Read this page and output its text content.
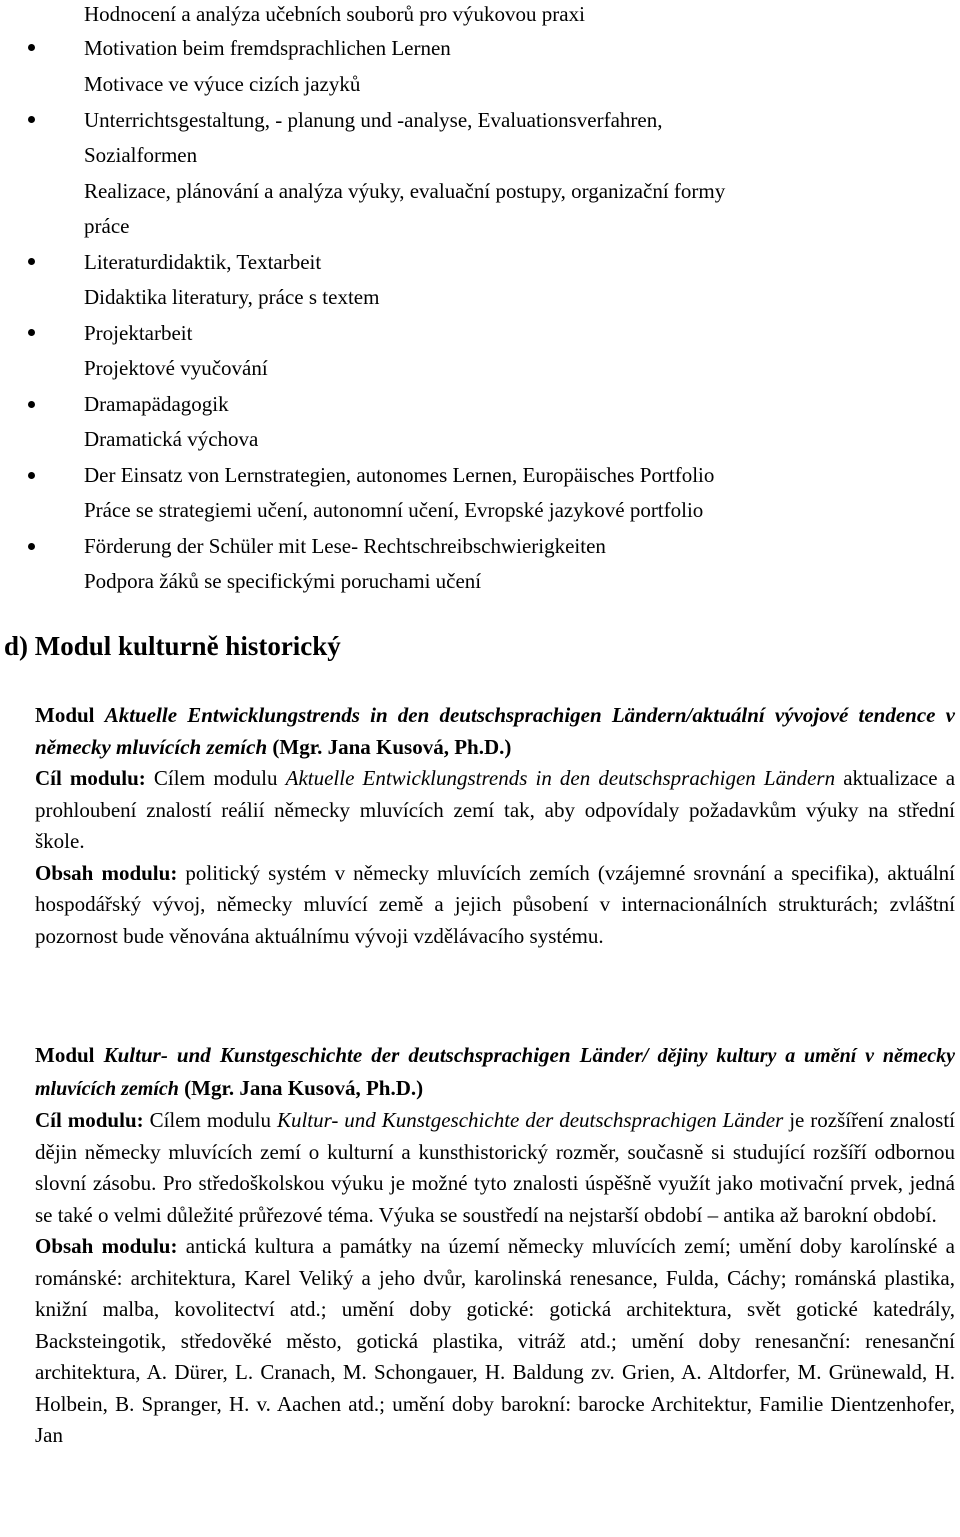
Hodnocení a analýza učebních souborů pro výukovou praxi
Motivation beim fremdsprachlichen Lernen
Motivace ve výuce cizích jazyků
Unterrichtsgestaltung, - planung und -analyse, Evaluationsverfahren,
Sozialformen
Realizace, plánování a analýza výuky, evaluační postupy, organizační formy
práce
Literaturdidaktik, Textarbeit
Didaktika literatury, práce s textem
Projektarbeit
Projektové vyučování
Dramapädagogik
Dramatická výchova
Der Einsatz von Lernstrategien, autonomes Lernen, Europäisches Portfolio
Práce se strategiemi učení, autonomní učení, Evropské jazykové portfolio
Förderung der Schüler mit Lese- Rechtschreibschwierigkeiten
Podpora žáků se specifickými poruchami učení
d) Modul kulturně historický

Modul Aktuelle Entwicklungstrends in den deutschsprachigen Ländern/aktuální vývojové tendence v německy mluvících zemích (Mgr. Jana Kusová, Ph.D.)

Cíl modulu: Cílem modulu Aktuelle Entwicklungstrends in den deutschsprachigen Ländern aktualizace a prohloubení znalostí reálií německy mluvících zemí tak, aby odpovídaly požadavkům výuky na střední škole.

Obsah modulu: politický systém v německy mluvících zemích (vzájemné srovnání a specifika), aktuální hospodářský vývoj, německy mluvící země a jejich působení v internacionálních strukturách; zvláštní pozornost bude věnována aktuálnímu vývoji vzdělávacího systému.

Modul Kultur- und Kunstgeschichte der deutschsprachigen Länder/ dějiny kultury a umění v německy mluvících zemích (Mgr. Jana Kusová, Ph.D.)

Cíl modulu: Cílem modulu Kultur- und Kunstgeschichte der deutschsprachigen Länder je rozšíření znalostí dějin německy mluvících zemí o kulturní a kunsthistorický rozměr, současně si studující rozšíří odbornou slovní zásobu. Pro středoškolskou výuku je možné tyto znalosti úspěšně využít jako motivační prvek, jedná se také o velmi důležité průřezové téma. Výuka se soustředí na nejstarší období – antika až barokní období.

Obsah modulu: antická kultura a památky na území německy mluvících zemí; umění doby karolínské a románské: architektura, Karel Veliký a jeho dvůr, karolinská renesance, Fulda, Cáchy; románská plastika, knižní malba, kovolitectví atd.; umění doby gotické: gotická architektura, svět gotické katedrály, Backsteingotik, středověké město, gotická plastika, vitráž atd.; umění doby renesanční: renesanční architektura, A. Dürer, L. Cranach, M. Schongauer, H. Baldung zv. Grien, A. Altdorfer, M. Grünewald, H. Holbein, B. Spranger, H. v. Aachen atd.; umění doby barokní: barocke Architektur, Familie Dientzenhofer, Jan
